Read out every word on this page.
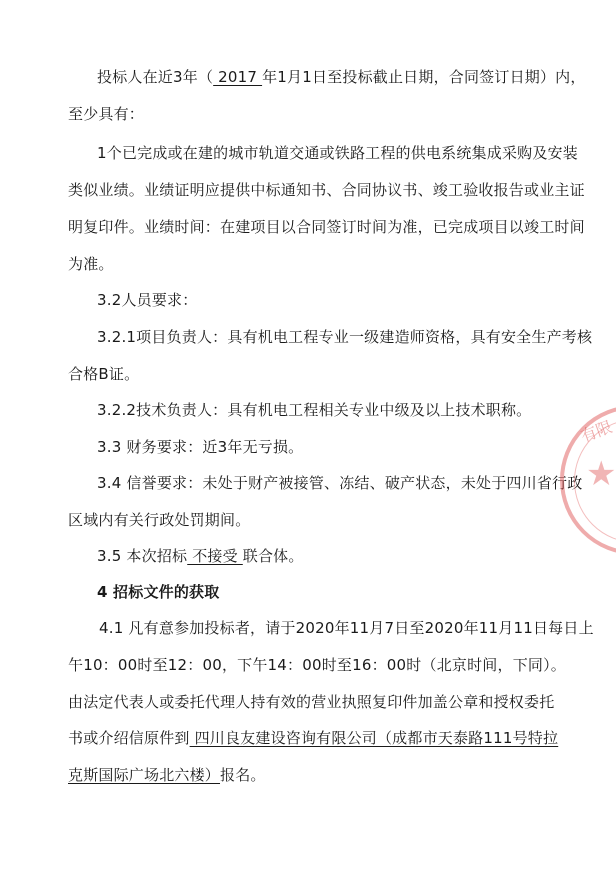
投标人在近3年（ 2017 年1月1日至投标截止日期，合同签订日期）内，
至少具有：
1个已完成或在建的城市轨道交通或铁路工程的供电系统集成采购及安装
类似业绩。业绩证明应提供中标通知书、合同协议书、竣工验收报告或业主证
明复印件。业绩时间：在建项目以合同签订时间为准，已完成项目以竣工时间
为准。
3.2人员要求：
3.2.1项目负责人：具有机电工程专业一级建造师资格，具有安全生产考核
合格B证。
3.2.2技术负责人：具有机电工程相关专业中级及以上技术职称。
3.3 财务要求：近3年无亏损。
3.4 信誉要求：未处于财产被接管、冻结、破产状态，未处于四川省行政
区域内有关行政处罚期间。
3.5 本次招标 不接受 联合体。
4 招标文件的获取
4.1 凡有意参加投标者，请于2020年11月7日至2020年11月11日每日上
午10：00时至12：00，下午14：00时至16：00时（北京时间，下同）。
由法定代表人或委托代理人持有效的营业执照复印件加盖公章和授权委托
书或介绍信原件到 四川良友建设咨询有限公司（成都市天泰路111号特拉
克斯国际广场北六楼）报名。
有限
★
